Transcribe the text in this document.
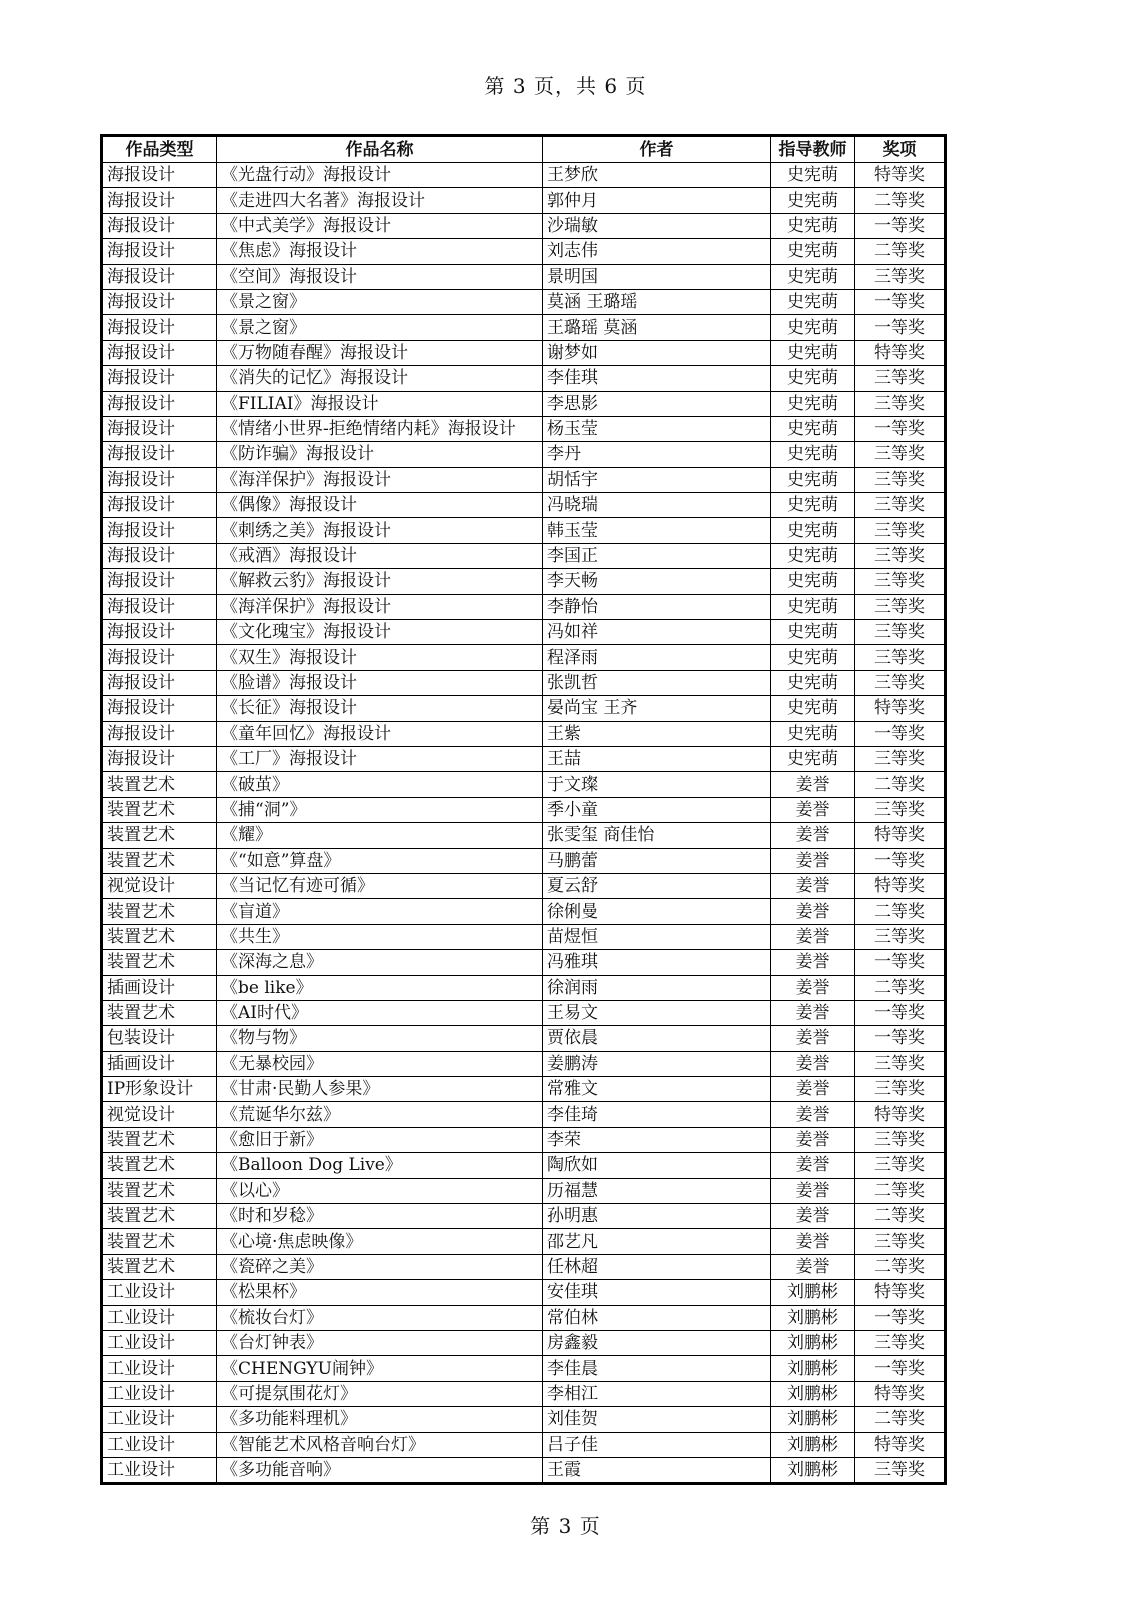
第 3 页，共 6 页
作品类型	作品名称	作者	指导教师	奖项
海报设计	《光盘行动》海报设计	王梦欣	史宪萌	特等奖
海报设计	《走进四大名著》海报设计	郭仲月	史宪萌	二等奖
海报设计	《中式美学》海报设计	沙瑞敏	史宪萌	一等奖
海报设计	《焦虑》海报设计	刘志伟	史宪萌	二等奖
海报设计	《空间》海报设计	景明国	史宪萌	三等奖
海报设计	《景之窗》	莫涵 王璐瑶	史宪萌	一等奖
海报设计	《景之窗》	王璐瑶 莫涵	史宪萌	一等奖
海报设计	《万物随春醒》海报设计	谢梦如	史宪萌	特等奖
海报设计	《消失的记忆》海报设计	李佳琪	史宪萌	三等奖
海报设计	《FILIAI》海报设计	李思影	史宪萌	三等奖
海报设计	《情绪小世界-拒绝情绪内耗》海报设计	杨玉莹	史宪萌	一等奖
海报设计	《防诈骗》海报设计	李丹	史宪萌	三等奖
海报设计	《海洋保护》海报设计	胡恬宇	史宪萌	三等奖
海报设计	《偶像》海报设计	冯晓瑞	史宪萌	三等奖
海报设计	《刺绣之美》海报设计	韩玉莹	史宪萌	三等奖
海报设计	《戒酒》海报设计	李国正	史宪萌	三等奖
海报设计	《解救云豹》海报设计	李天畅	史宪萌	三等奖
海报设计	《海洋保护》海报设计	李静怡	史宪萌	三等奖
海报设计	《文化瑰宝》海报设计	冯如祥	史宪萌	三等奖
海报设计	《双生》海报设计	程泽雨	史宪萌	三等奖
海报设计	《脸谱》海报设计	张凯哲	史宪萌	三等奖
海报设计	《长征》海报设计	晏尚宝 王齐	史宪萌	特等奖
海报设计	《童年回忆》海报设计	王紫	史宪萌	一等奖
海报设计	《工厂》海报设计	王喆	史宪萌	三等奖
装置艺术	《破茧》	于文璨	姜誉	二等奖
装置艺术	《捕“洞”》	季小童	姜誉	三等奖
装置艺术	《耀》	张雯玺 商佳怡	姜誉	特等奖
装置艺术	《“如意”算盘》	马鹏蕾	姜誉	一等奖
视觉设计	《当记忆有迹可循》	夏云舒	姜誉	特等奖
装置艺术	《盲道》	徐俐曼	姜誉	二等奖
装置艺术	《共生》	苗煜恒	姜誉	三等奖
装置艺术	《深海之息》	冯雅琪	姜誉	一等奖
插画设计	《be like》	徐润雨	姜誉	二等奖
装置艺术	《AI时代》	王易文	姜誉	一等奖
包装设计	《物与物》	贾依晨	姜誉	一等奖
插画设计	《无暴校园》	姜鹏涛	姜誉	三等奖
IP形象设计	《甘肃·民勤人参果》	常雅文	姜誉	三等奖
视觉设计	《荒诞华尔兹》	李佳琦	姜誉	特等奖
装置艺术	《愈旧于新》	李荣	姜誉	三等奖
装置艺术	《Balloon Dog Live》	陶欣如	姜誉	三等奖
装置艺术	《以心》	历福慧	姜誉	二等奖
装置艺术	《时和岁稔》	孙明惠	姜誉	二等奖
装置艺术	《心境·焦虑映像》	邵艺凡	姜誉	三等奖
装置艺术	《瓷碎之美》	任林超	姜誉	二等奖
工业设计	《松果杯》	安佳琪	刘鹏彬	特等奖
工业设计	《梳妆台灯》	常伯林	刘鹏彬	一等奖
工业设计	《台灯钟表》	房鑫毅	刘鹏彬	三等奖
工业设计	《CHENGYU闹钟》	李佳晨	刘鹏彬	一等奖
工业设计	《可提氛围花灯》	李相江	刘鹏彬	特等奖
工业设计	《多功能料理机》	刘佳贺	刘鹏彬	二等奖
工业设计	《智能艺术风格音响台灯》	吕子佳	刘鹏彬	特等奖
工业设计	《多功能音响》	王霞	刘鹏彬	三等奖
第 3 页
